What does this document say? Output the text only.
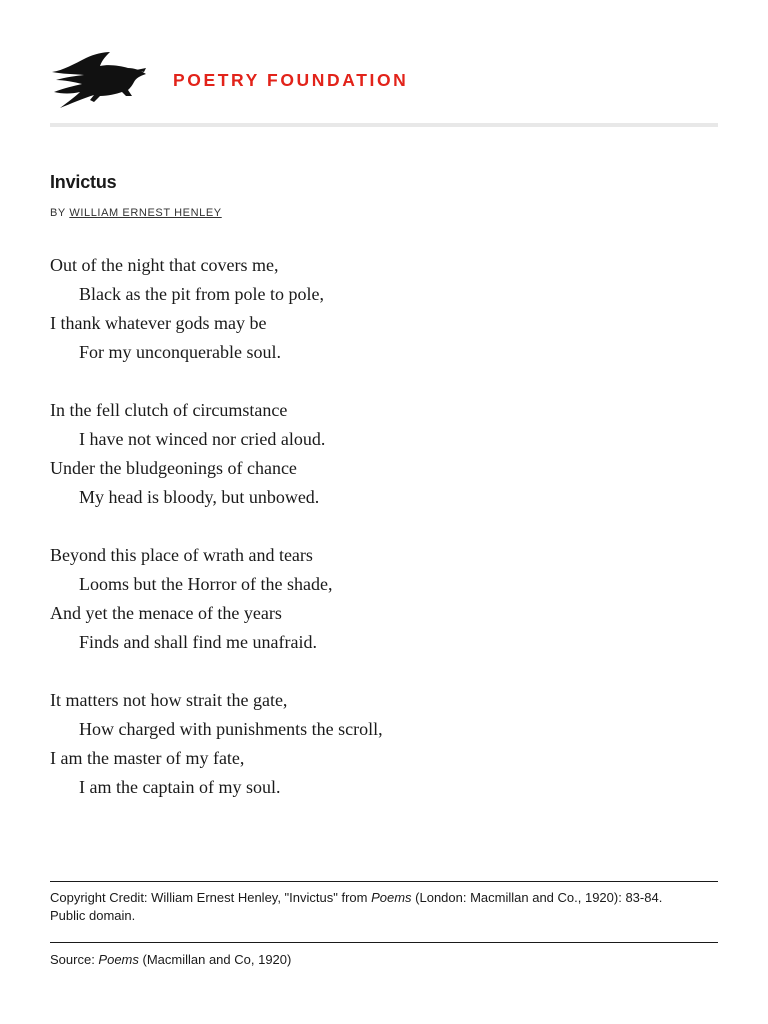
POETRY FOUNDATION
Invictus
BY WILLIAM ERNEST HENLEY
Out of the night that covers me,
Black as the pit from pole to pole,
I thank whatever gods may be
For my unconquerable soul.
In the fell clutch of circumstance
I have not winced nor cried aloud.
Under the bludgeonings of chance
My head is bloody, but unbowed.
Beyond this place of wrath and tears
Looms but the Horror of the shade,
And yet the menace of the years
Finds and shall find me unafraid.
It matters not how strait the gate,
How charged with punishments the scroll,
I am the master of my fate,
I am the captain of my soul.
Copyright Credit: William Ernest Henley, "Invictus" from Poems (London: Macmillan and Co., 1920): 83-84.
Public domain.
Source: Poems (Macmillan and Co, 1920)
